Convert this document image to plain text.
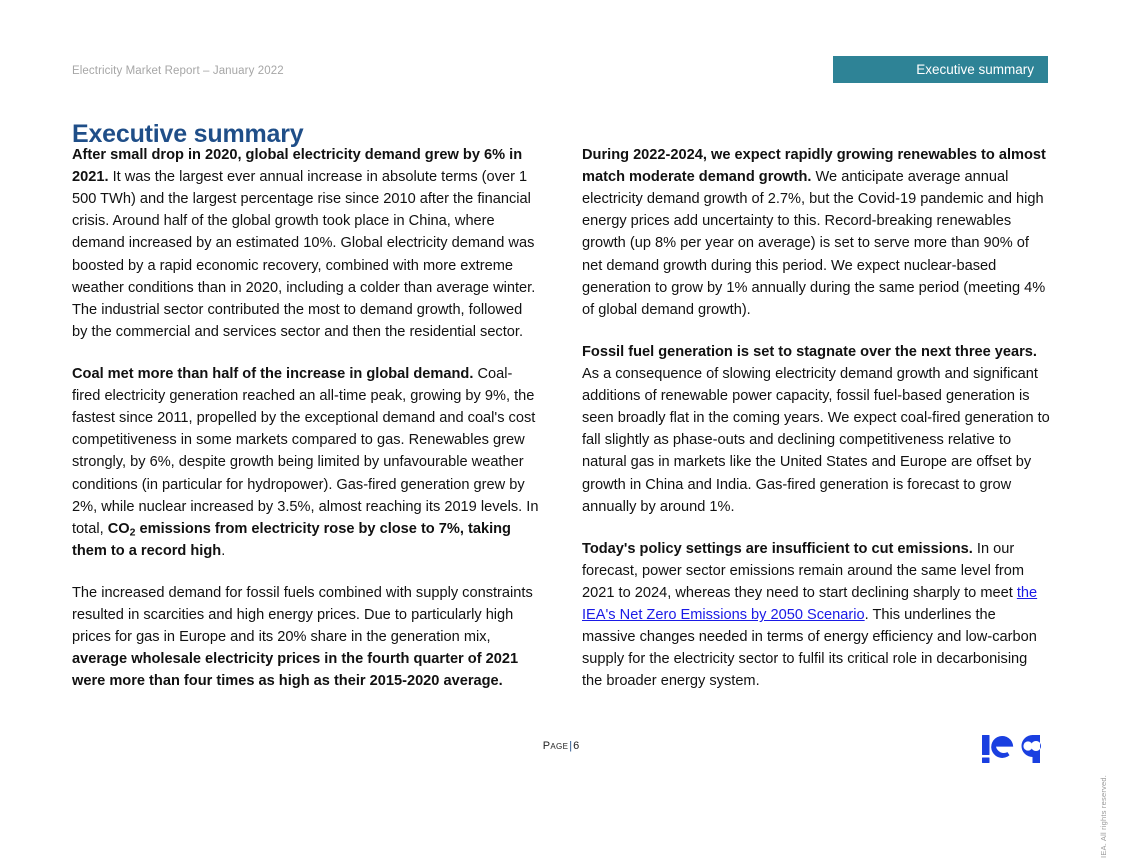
Electricity Market Report – January 2022	Executive summary
Executive summary

After small drop in 2020, global electricity demand grew by 6% in 2021. It was the largest ever annual increase in absolute terms (over 1 500 TWh) and the largest percentage rise since 2010 after the financial crisis. Around half of the global growth took place in China, where demand increased by an estimated 10%. Global electricity demand was boosted by a rapid economic recovery, combined with more extreme weather conditions than in 2020, including a colder than average winter. The industrial sector contributed the most to demand growth, followed by the commercial and services sector and then the residential sector.

Coal met more than half of the increase in global demand. Coal-fired electricity generation reached an all-time peak, growing by 9%, the fastest since 2011, propelled by the exceptional demand and coal's cost competitiveness in some markets compared to gas. Renewables grew strongly, by 6%, despite growth being limited by unfavourable weather conditions (in particular for hydropower). Gas-fired generation grew by 2%, while nuclear increased by 3.5%, almost reaching its 2019 levels. In total, $CO_2$ emissions from electricity rose by close to 7%, taking them to a record high.

The increased demand for fossil fuels combined with supply constraints resulted in scarcities and high energy prices. Due to particularly high prices for gas in Europe and its 20% share in the generation mix, average wholesale electricity prices in the fourth quarter of 2021 were more than four times as high as their 2015-2020 average.

During 2022-2024, we expect rapidly growing renewables to almost match moderate demand growth. We anticipate average annual electricity demand growth of 2.7%, but the Covid-19 pandemic and high energy prices add uncertainty to this. Record-breaking renewables growth (up 8% per year on average) is set to serve more than 90% of net demand growth during this period. We expect nuclear-based generation to grow by 1% annually during the same period (meeting 4% of global demand growth).

Fossil fuel generation is set to stagnate over the next three years. As a consequence of slowing electricity demand growth and significant additions of renewable power capacity, fossil fuel-based generation is seen broadly flat in the coming years. We expect coal-fired generation to fall slightly as phase-outs and declining competitiveness relative to natural gas in markets like the United States and Europe are offset by growth in China and India. Gas-fired generation is forecast to grow annually by around 1%.

Today's policy settings are insufficient to cut emissions. In our forecast, power sector emissions remain around the same level from 2021 to 2024, whereas they need to start declining sharply to meet the IEA's Net Zero Emissions by 2050 Scenario. This underlines the massive changes needed in terms of energy efficiency and low-carbon supply for the electricity sector to fulfil its critical role in decarbonising the broader energy system.

Page|6
IEA. All rights reserved.
